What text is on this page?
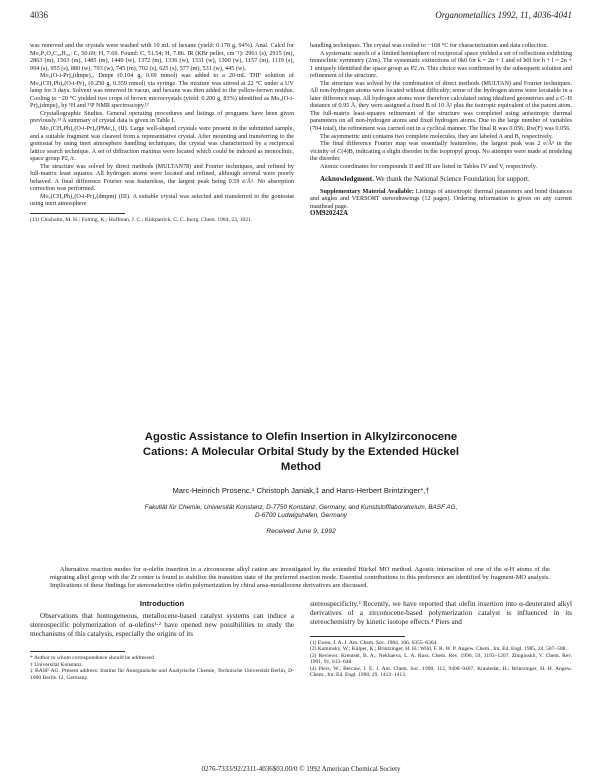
4036	Organometallics 1992, 11, 4036-4041

was removed and the crystals were washed with 10 mL of hexane (yield: 0.178 g, 94%). Anal. Calcd for Mo₂P₂O₄C₂₈H₃₄: C, 50.69; H, 7.69. Found: C, 51.54; H, 7.86. IR (KBr pellet, cm⁻¹): 2961 (s), 2915 (m), 2863 (m), 1563 (m), 1485 (m), 1449 (w), 1372 (m), 1336 (w), 1331 (w), 1300 (w), 1157 (m), 1119 (s), 994 (s), 955 (s), 880 (w), 793 (w), 745 (m), 702 (s), 625 (s), 577 (m), 531 (w), 445 (w).

Mo₂(O-i-Pr)₄(dmpe)₂. Dmpe (0.104 g, 0.69 mmol) was added to a 20-mL THF solution of Mo₂(CH₂Ph)₂(O-i-Pr)₄ (0.250 g, 0.359 mmol) via syringe. The mixture was stirred at 22 °C under a UV lamp for 3 days. Solvent was removed in vacuo, and hexane was then added to the yellow-brown residue. Cooling to −20 °C yielded two crops of brown microcrystals (yield: 0.200 g, 83%) identified as Mo₂(O-i-Pr)₄(dmpe)₂ by ¹H and ³¹P NMR spectroscopy.¹²

Crystallographic Studies. General operating procedures and listings of programs have been given previously.¹³ A summary of crystal data is given in Table I.

Mo₂(CH₂Ph)₂(O-i-Pr)₄(PMe₃)₂ (II). Large well-shaped crystals were present in the submitted sample, and a suitable fragment was cleaved from a representative crystal. After mounting and transferring to the goniostat by using inert atmosphere handling techniques, the crystal was characterized by a reciprocal lattice search technique. A set of diffraction maxima were located which could be indexed as monoclinic, space group P2₁/c.

The structure was solved by direct methods (MULTAN78) and Fourier techniques, and refined by full-matrix least squares. All hydrogen atoms were located and refined, although several were poorly behaved. A final difference Fourier was featureless, the largest peak being 0.59 e/Å³. No absorption correction was performed.

Mo₂(CH₂Ph)₂(O-i-Pr)₄(dmpm) (III). A suitable crystal was selected and transferred to the goniostat using inert atmosphere

(13) Chisholm, M. H.; Folting, K.; Huffman, J. C.; Kirkpatrick, C. C. Inorg. Chem. 1984, 23, 1021.

handling techniques. The crystal was cooled to −168 °C for characterization and data collection.

A systematic search of a limited hemisphere of reciprocal space yielded a set of reflections exhibiting monoclinic symmetry (2/m). The systematic extinctions of 0k0 for k = 2n + 1 and of h0l for h + l = 2n + 1 uniquely identified the space group as P2₁/n. This choice was confirmed by the subsequent solution and refinement of the structure.

The structure was solved by the combination of direct methods (MULTAN) and Fourier techniques. All non-hydrogen atoms were located without difficulty; some of the hydrogen atoms were locatable in a later difference map. All hydrogen atoms were therefore calculated using idealized geometries and a C–H distance of 0.95 Å, they were assigned a fixed B of 10 Å² plus the isotropic equivalent of the parent atom. The full-matrix least-squares refinement of the structure was completed using anisotropic thermal parameters on all non-hydrogen atoms and fixed hydrogen atoms. Due to the large number of variables (704 total), the refinement was carried out in a cyclical manner. The final R was 0.056; Rw(F) was 0.056.

The asymmetric unit contains two complete molecules, they are labeled A and B, respectively.

The final difference Fourier map was essentially featureless, the largest peak was 2 e/Å³ in the vicinity of C(4)B, indicating a slight disorder in the isopropyl group. No attempts were made at modeling the disorder.

Atomic coordinates for compounds II and III are listed in Tables IV and V, respectively.

Acknowledgment. We thank the National Science Foundation for support.

Supplementary Material Available: Listings of anisotropic thermal parameters and bond distances and angles and VERSORT stereodrawings (12 pages). Ordering information is given on any current masthead page.

OM920242A

Agostic Assistance to Olefin Insertion in Alkylzirconocene
Cations: A Molecular Orbital Study by the Extended Hückel
Method
Marc-Heinrich Prosenc,¹ Christoph Janiak,‡ and Hans-Herbert Brintzinger*,†
Fakultät für Chemie, Universität Konstanz, D-7750 Konstanz, Germany, and Kunststofflaboratorium, BASF AG,
D-6700 Ludwigshafen, Germany
Received June 9, 1992

Alternative reaction modes for α-olefin insertion in a zirconocene alkyl cation are investigated by the extended Hückel MO method. Agostic interaction of one of the α-H atoms of the migrating alkyl group with the Zr center is found to stabilize the transition state of the preferred reaction mode. Essential contributions to this preference are identified by fragment-MO analysis. Implications of these findings for stereoselective olefin polymerization by chiral ansa-metallocene derivatives are discussed.

Introduction

Observations that homogeneous, metallocene-based catalyst systems can induce a stereospecific polymerization of α-olefins¹·² have opened new possibilities to study the mechanisms of this catalysis, especially the origins of its

* Author to whom correspondence should be addressed.

† Universität Konstanz.

‡ BASF AG. Present address: Institut für Anorganische und Analytische Chemie, Technische Universität Berlin, D-1000 Berlin 12, Germany.

stereospecificity.³ Recently, we have reported that olefin insertion into α-deuterated alkyl derivatives of a zirconocene-based polymerization catalyst is influenced in its stereochemistry by kinetic isotope effects.⁴ Piers and

(1) Ewen, J. A. J. Am. Chem. Soc. 1984, 106, 6355–6364.

(2) Kaminsky, W.; Külper, K.; Brintzinger, H. H.; Wild, F. R. W. P. Angew. Chem., Int. Ed. Engl. 1985, 24, 507–508.

(3) Reviews: Krentsel, B. A.; Nekhaeva, L. A. Russ. Chem. Rev. 1990, 59, 1193–1207. Zhuginskii, V. Chem. Rev. 1991, 91, 613–648.

(4) Piers, W.; Bercaw, J. E. J. Am. Chem. Soc. 1990, 112, 9406–9407; Krauledat, H.; Brintzinger, H. H. Angew. Chem., Int. Ed. Engl. 1990, 29, 1412–1413.

0276-7333/92/2311-4036$03.00/0 © 1992 American Chemical Society
